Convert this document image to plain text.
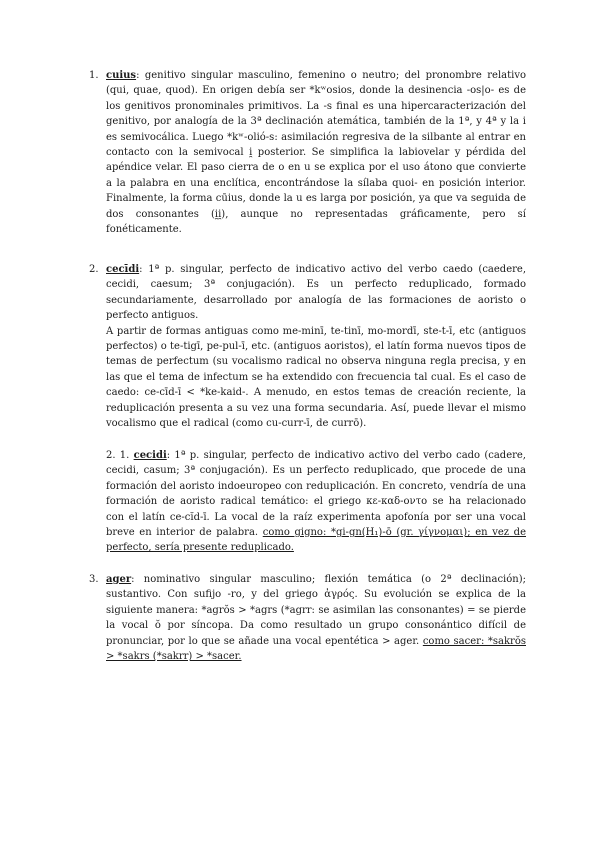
1. cuius: genitivo singular masculino, femenino o neutro; del pronombre relativo (qui, quae, quod). En origen debía ser *kʷosios, donde la desinencia -os|o- es de los genitivos pronominales primitivos. La -s final es una hipercaracterización del genitivo, por analogía de la 3ª declinación atemática, también de la 1ª, y 4ª y la i es semivocálica. Luego *kʷ-olió-s: asimilación regresiva de la silbante al entrar en contacto con la semivocal i̯ posterior. Se simplifica la labiovelar y pérdida del apéndice velar. El paso cierra de o en u se explica por el uso átono que convierte a la palabra en una enclítica, encontrándose la sílaba quoi- en posición interior. Finalmente, la forma cūius, donde la u es larga por posición, ya que va seguida de dos consonantes (i̯i̯), aunque no representadas gráficamente, pero sí fonéticamente.
2. cecīdi: 1ª p. singular, perfecto de indicativo activo del verbo caedo (caedere, cecidi, caesum; 3ª conjugación). Es un perfecto reduplicado, formado secundariamente, desarrollado por analogía de las formaciones de aoristo o perfecto antiguos.
A partir de formas antiguas como me-minī, te-tinī, mo-mordī, ste-t-ī, etc (antiguos perfectos) o te-tigī, pe-pul-ī, etc. (antiguos aoristos), el latín forma nuevos tipos de temas de perfectum (su vocalismo radical no observa ninguna regla precisa, y en las que el tema de infectum se ha extendido con frecuencia tal cual. Es el caso de caedo: ce-cīd-ī < *ke-kaid-. A menudo, en estos temas de creación reciente, la reduplicación presenta a su vez una forma secundaria. Así, puede llevar el mismo vocalismo que el radical (como cu-curr-ī, de currō).
2. 1. cecidi: 1ª p. singular, perfecto de indicativo activo del verbo cado (cadere, cecidi, casum; 3ª conjugación). Es un perfecto reduplicado, que procede de una formación del aoristo indoeuropeo con reduplicación. En concreto, vendría de una formación de aoristo radical temático: el griego κε-καδ-οντο se ha relacionado con el latín ce-cĭd-ī. La vocal de la raíz experimenta apofonía por ser una vocal breve en interior de palabra. como gigno: *gi-gn(H₁)-ō (gr. γίγνομαι); en vez de perfecto, sería presente reduplicado.
3. ager: nominativo singular masculino; flexión temática (o 2ª declinación); sustantivo. Con sufijo -ro, y del griego ἀγρός. Su evolución se explica de la siguiente manera: *agrŏs > *agrs (*agrr: se asimilan las consonantes) = se pierde la vocal ŏ por síncopa. Da como resultado un grupo consonántico difícil de pronunciar, por lo que se añade una vocal epentética > ager. como sacer: *sakrŏs > *sakrs (*sakrr) > *sacer.
